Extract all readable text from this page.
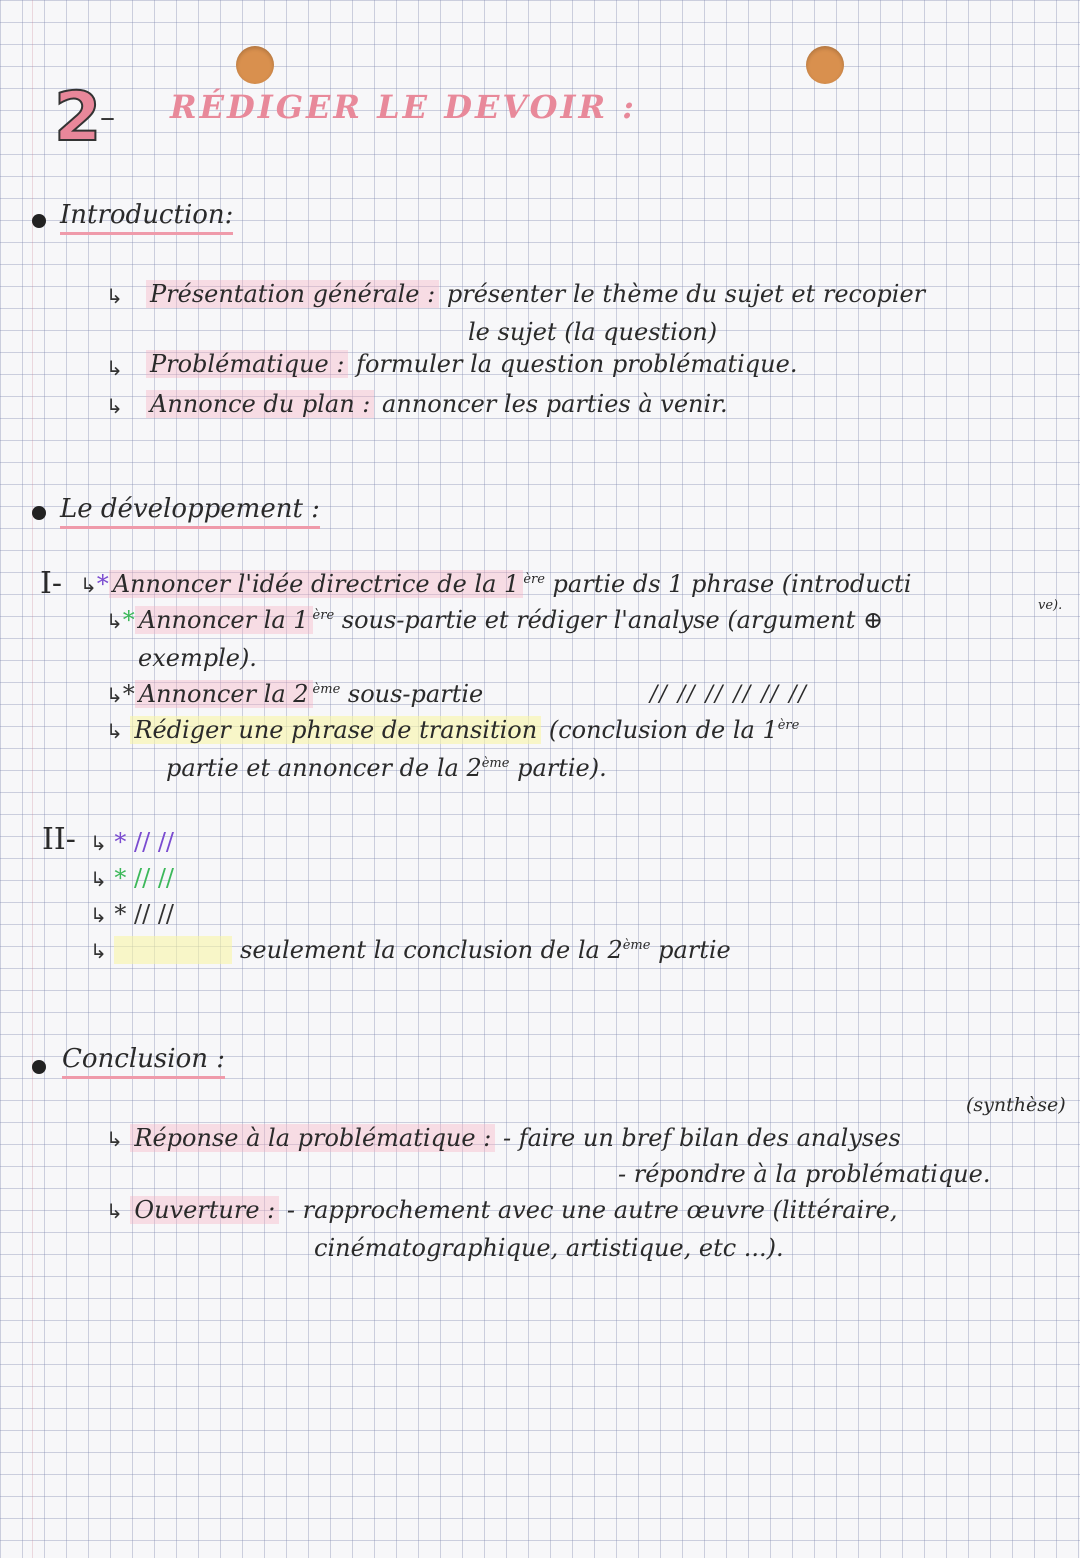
2
– RÉDIGER LE DEVOIR :
Introduction:
↳ Présentation générale : présenter le thème du sujet et recopier
le sujet (la question)
↳ Problématique : formuler la question problématique.
↳ Annonce du plan : annoncer les parties à venir.
Le développement :
I- ↳* Annoncer l'idée directrice de la 1 $^{ère}$ partie ds 1 phrase (introducti
ve).
↳* Annoncer la 1 $^{ère}$ sous-partie et rédiger l'analyse (argument ⊕
exemple).
↳* Annoncer la 2 $^{ème}$ sous-partie	// // // // // //
↳ Rédiger une phrase de transition (conclusion de la 1ère
partie et annoncer de la 2ème partie).
II- ↳ * // //
↳ * // //
↳ * // //
↳	seulement la conclusion de la 2ème partie
Conclusion :
(synthèse)
↳ Réponse à la problématique : - faire un bref bilan des analyses
- répondre à la problématique.
↳ Ouverture : - rapprochement avec une autre œuvre (littéraire,
cinématographique, artistique, etc ...).
